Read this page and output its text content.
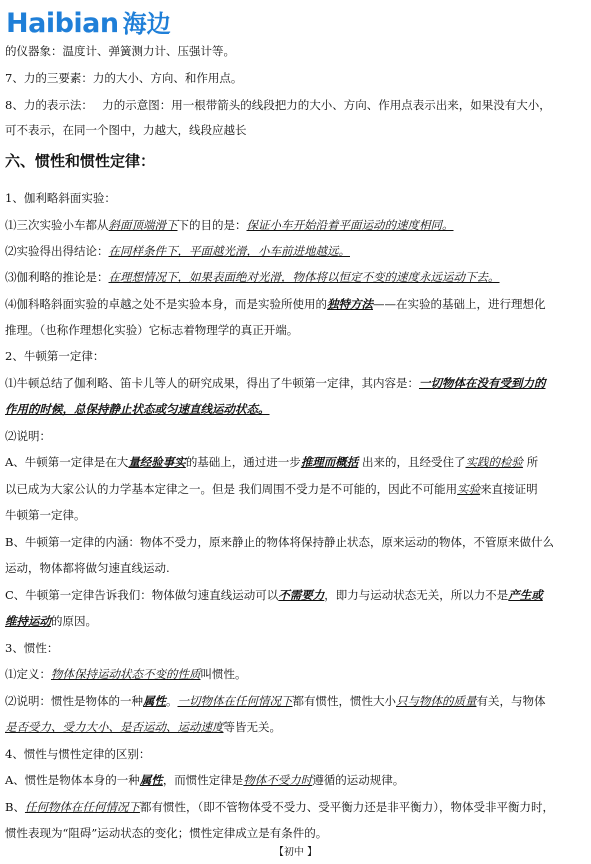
Haibian 海边
六、惯性和惯性定律：
的仪器象：温度计、弹簧测力计、压强计等。
7、力的三要素：力的大小、方向、和作用点。
8、力的表示法：　 力的示意图：用一根带箭头的线段把力的大小、方向、作用点表示出来，如果没有大小，
可不表示，在同一个图中，力越大，线段应越长
1、伽利略斜面实验：
⑴三次实验小车都从斜面顶端滑下下的目的是：保证小车开始沿着平面运动的速度相同。
⑵实验得出得结论：在同样条件下，平面越光滑，小车前进地越远。
⑶伽利略的推论是：在理想情况下，如果表面绝对光滑，物体将以恒定不变的速度永远运动下去。
⑷伽科略斜面实验的卓越之处不是实验本身，而是实验所使用的独特方法——在实验的基础上，进行理想化
推理。（也称作理想化实验）它标志着物理学的真正开端。
2、牛顿第一定律：
⑴牛顿总结了伽利略、笛卡儿等人的研究成果，得出了牛顿第一定律，其内容是：一切物体在没有受到力的
作用的时候，总保持静止状态或匀速直线运动状态。
⑵说明：
A、牛顿第一定律是在大量经验事实的基础上，通过进一步推理而概括 出来的，且经受住了实践的检验 所
以已成为大家公认的力学基本定律之一。但是 我们周围不受力是不可能的，因此不可能用实验来直接证明
牛顿第一定律。
B、牛顿第一定律的内涵：物体不受力，原来静止的物体将保持静止状态，原来运动的物体，不管原来做什么
运动，物体都将做匀速直线运动.
C、牛顿第一定律告诉我们：物体做匀速直线运动可以不需要力，即力与运动状态无关，所以力不是产生或
维持运动的原因。
3、惯性：
⑴定义：物体保持运动状态不变的性质叫惯性。
⑵说明：惯性是物体的一种属性。一切物体在任何情况下都有惯性，惯性大小只与物体的质量有关，与物体
是否受力、受力大小、是否运动、运动速度等皆无关。
4、惯性与惯性定律的区别：
A、惯性是物体本身的一种属性，而惯性定律是物体不受力时遵循的运动规律。
B、任何物体在任何情况下都有惯性，（即不管物体受不受力、受平衡力还是非平衡力），物体受非平衡力时，
惯性表现为“阻碍”运动状态的变化；惯性定律成立是有条件的。
【初中 】
